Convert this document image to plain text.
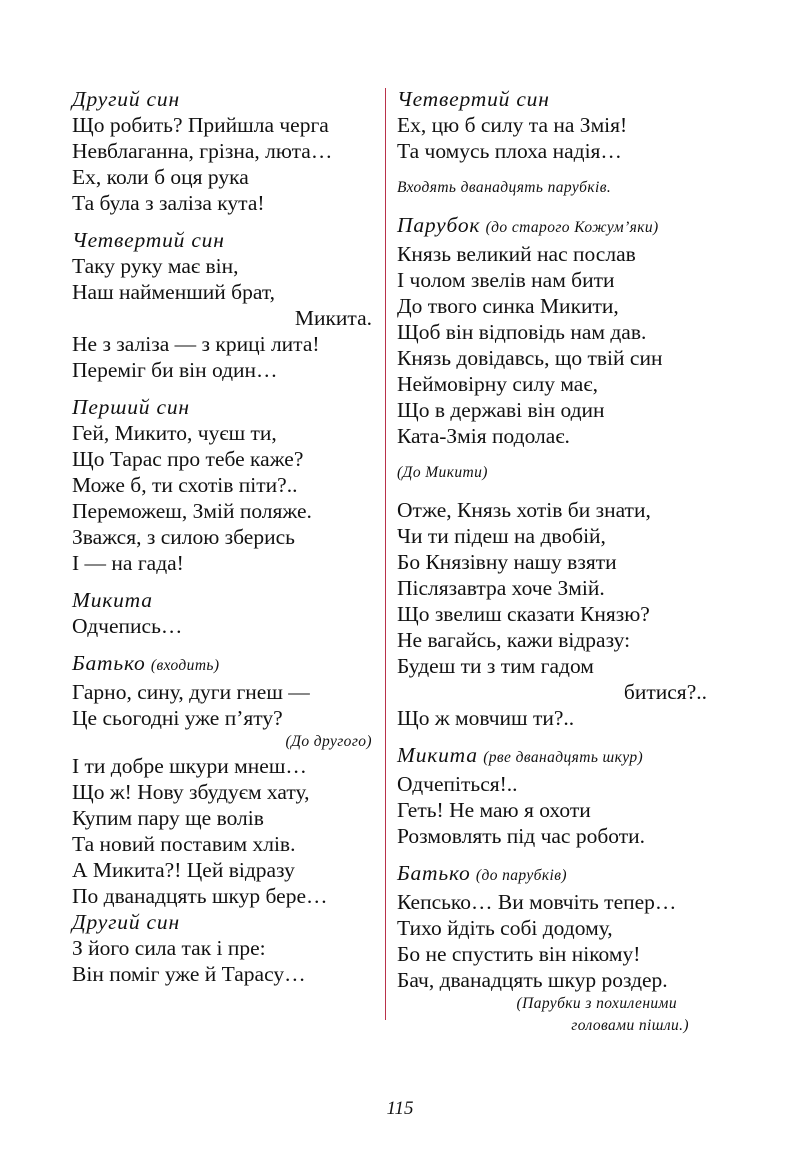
Другий син
Що робить? Прийшла черга
Невблаганна, грізна, люта…
Ех, коли б оця рука
Та була з заліза кута!
Четвертий син
Таку руку має він,
Наш найменший брат,
Микита.
Не з заліза — з криці лита!
Переміг би він один…
Перший син
Гей, Микито, чуєш ти,
Що Тарас про тебе каже?
Може б, ти схотів піти?..
Переможеш, Змій поляже.
Зважся, з силою зберись
І — на гада!
Микита
Одчепись…
Батько (входить)
Гарно, сину, дуги гнеш —
Це сьогодні уже п’яту?
(До другого)
І ти добре шкури мнеш…
Що ж! Нову збудуєм хату,
Купим пару ще волів
Та новий поставим хлів.
А Микита?! Цей відразу
По дванадцять шкур бере…
Другий син
З його сила так і пре:
Він поміг уже й Тарасу…
Четвертий син
Ех, цю б силу та на Змія!
Та чомусь плоха надія…
Входять дванадцять парубків.
Парубок (до старого Кожум’яки)
Князь великий нас послав
І чолом звелів нам бити
До твого синка Микити,
Щоб він відповідь нам дав.
Князь довідавсь, що твій син
Неймовірну силу має,
Що в державі він один
Ката-Змія подолає.
(До Микити)
Отже, Князь хотів би знати,
Чи ти підеш на двобій,
Бо Князівну нашу взяти
Післязавтра хоче Змій.
Що звелиш сказати Князю?
Не вагайсь, кажи відразу:
Будеш ти з тим гадом
битися?..
Що ж мовчиш ти?..
Микита (рве дванадцять шкур)
Одчепіться!..
Геть! Не маю я охоти
Розмовлять під час роботи.
Батько (до парубків)
Кепсько… Ви мовчіть тепер…
Тихо йдіть собі додому,
Бо не спустить він нікому!
Бач, дванадцять шкур роздер.
(Парубки з похиленими
головами пішли.)
115
